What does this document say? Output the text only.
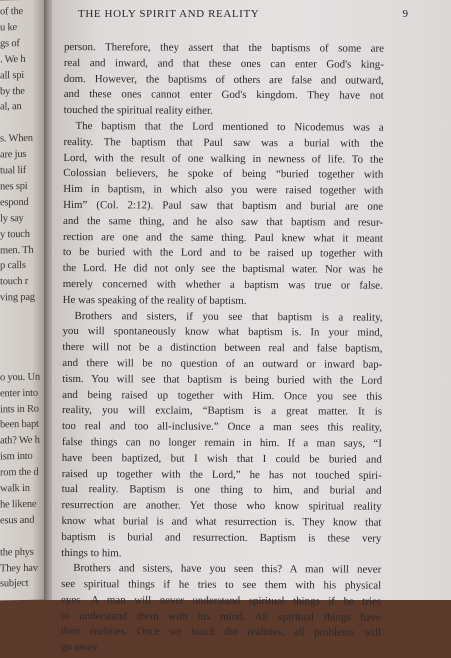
of the
u ke
gs of
. We h
all spi
by the
al, an
s. When
are jus
tual lif
nes spi
espond
ly say
y touch
men. Th
p calls
touch r
ving pag
o you. Un
enter into
ints in Ro
been bapt
ath? We h
ism into
rom the d
walk in
he likene
esus and
the phys
They hav
subject
THE HOLY SPIRIT AND REALITY	9
person. Therefore, they assert that the baptisms of some are
real and inward, and that these ones can enter God's king-
dom. However, the baptisms of others are false and outward,
and these ones cannot enter God's kingdom. They have not
touched the spiritual reality either.
The baptism that the Lord mentioned to Nicodemus was a
reality. The baptism that Paul saw was a burial with the
Lord, with the result of one walking in newness of life. To the
Colossian believers, he spoke of being “buried together with
Him in baptism, in which also you were raised together with
Him” (Col. 2:12). Paul saw that baptism and burial are one
and the same thing, and he also saw that baptism and resur-
rection are one and the same thing. Paul knew what it meant
to be buried with the Lord and to be raised up together with
the Lord. He did not only see the baptismal water. Nor was he
merely concerned with whether a baptism was true or false.
He was speaking of the reality of baptism.
Brothers and sisters, if you see that baptism is a reality,
you will spontaneously know what baptism is. In your mind,
there will not be a distinction between real and false baptism,
and there will be no question of an outward or inward bap-
tism. You will see that baptism is being buried with the Lord
and being raised up together with Him. Once you see this
reality, you will exclaim, “Baptism is a great matter. It is
too real and too all-inclusive.” Once a man sees this reality,
false things can no longer remain in him. If a man says, “I
have been baptized, but I wish that I could be buried and
raised up together with the Lord,” he has not touched spiri-
tual reality. Baptism is one thing to him, and burial and
resurrection are another. Yet those who know spiritual reality
know what burial is and what resurrection is. They know that
baptism is burial and resurrection. Baptism is these very
things to him.
Brothers and sisters, have you seen this? A man will never
see spiritual things if he tries to see them with his physical
eyes. A man will never understand spiritual things if he tries
to understand them with his mind. All spiritual things have
their realities. Once we touch the realities, all problems will
go away.
